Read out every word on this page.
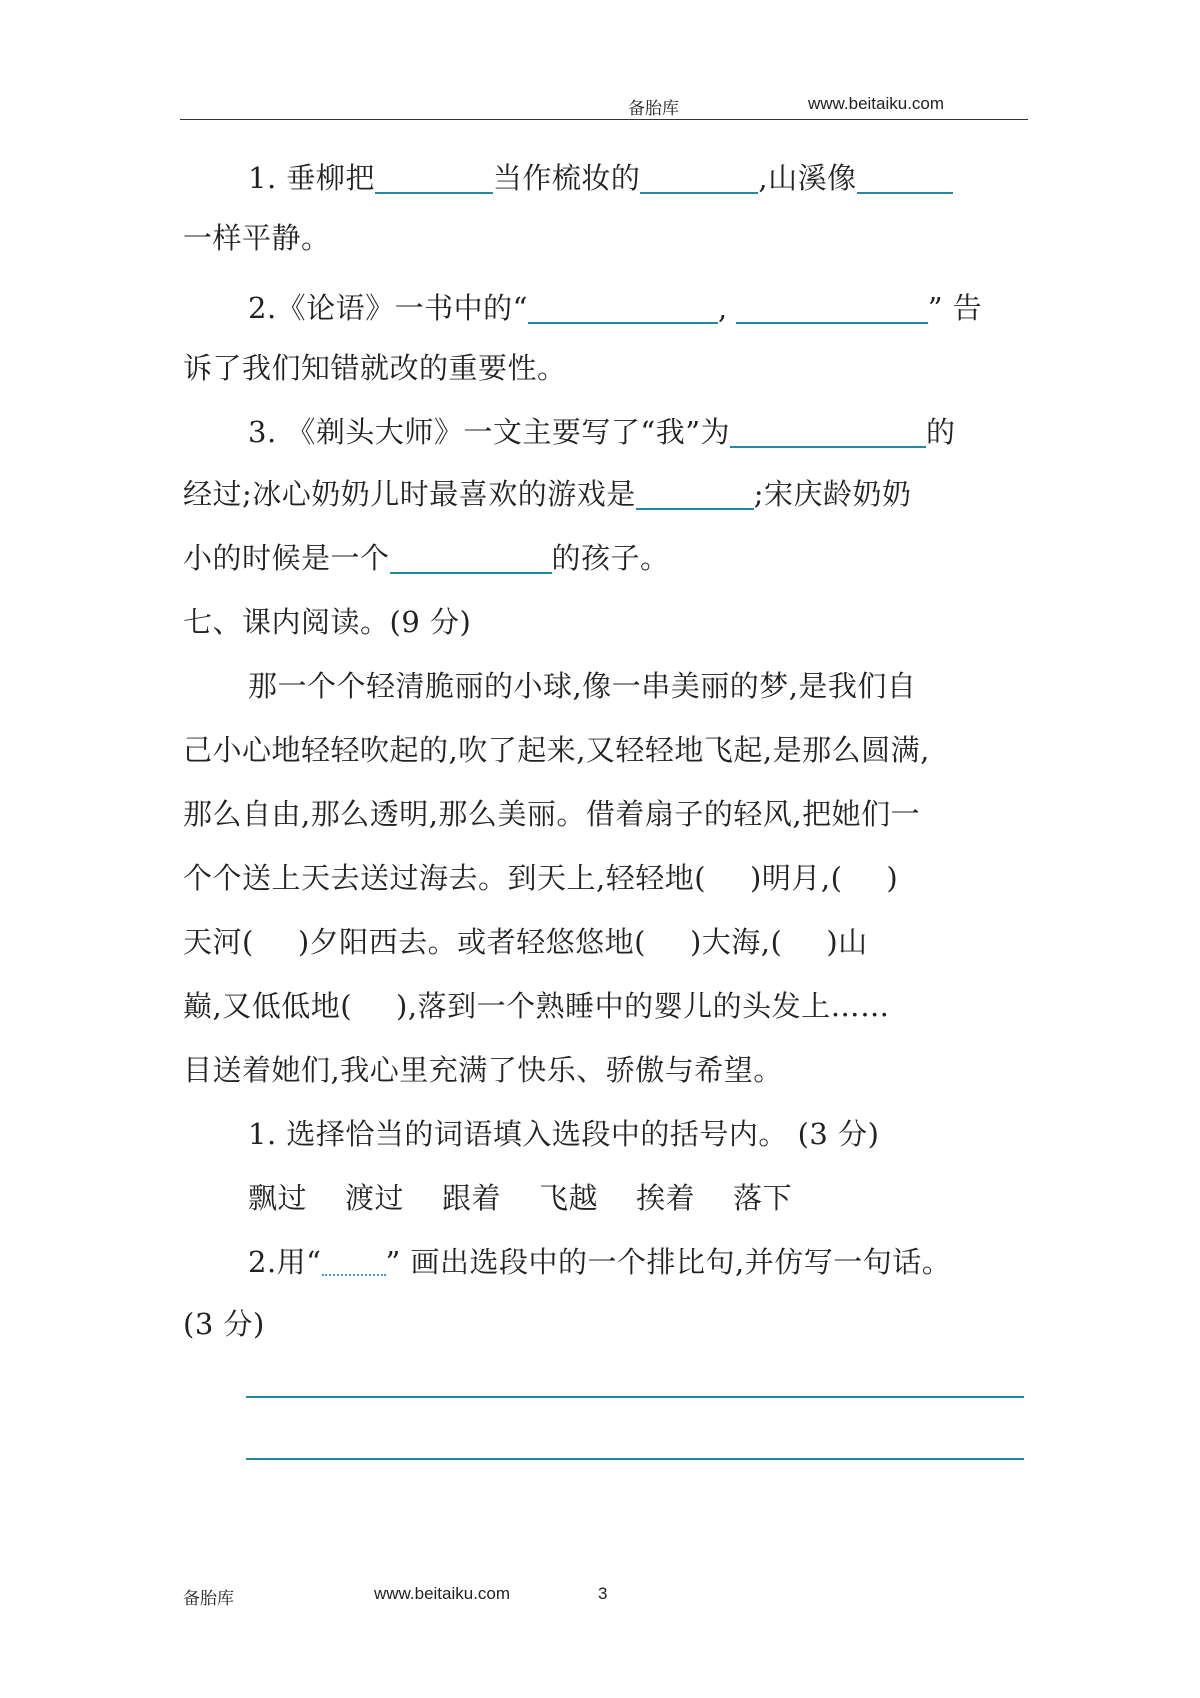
备胎库	www.beitaiku.com
1. 垂柳把	当作梳妆的	,山溪像
一样平静。
2.《论语》一书中的“	,	” 告
诉了我们知错就改的重要性。
3. 《剃头大师》一文主要写了“我”为	的
经过;冰心奶奶儿时最喜欢的游戏是	;宋庆龄奶奶
小的时候是一个	的孩子。
七、课内阅读。(9 分)
那一个个轻清脆丽的小球,像一串美丽的梦,是我们自
己小心地轻轻吹起的,吹了起来,又轻轻地飞起,是那么圆满,
那么自由,那么透明,那么美丽。借着扇子的轻风,把她们一
个个送上天去送过海去。到天上,轻轻地( )明月,( )
天河( )夕阳西去。或者轻悠悠地( )大海,( )山
巅,又低低地( ),落到一个熟睡中的婴儿的头发上……
目送着她们,我心里充满了快乐、骄傲与希望。
1. 选择恰当的词语填入选段中的括号内。 (3 分)
飘过 渡过 跟着 飞越 挨着 落下
2.用“ ” 画出选段中的一个排比句,并仿写一句话。
(3 分)
备胎库	www.beitaiku.com	3
